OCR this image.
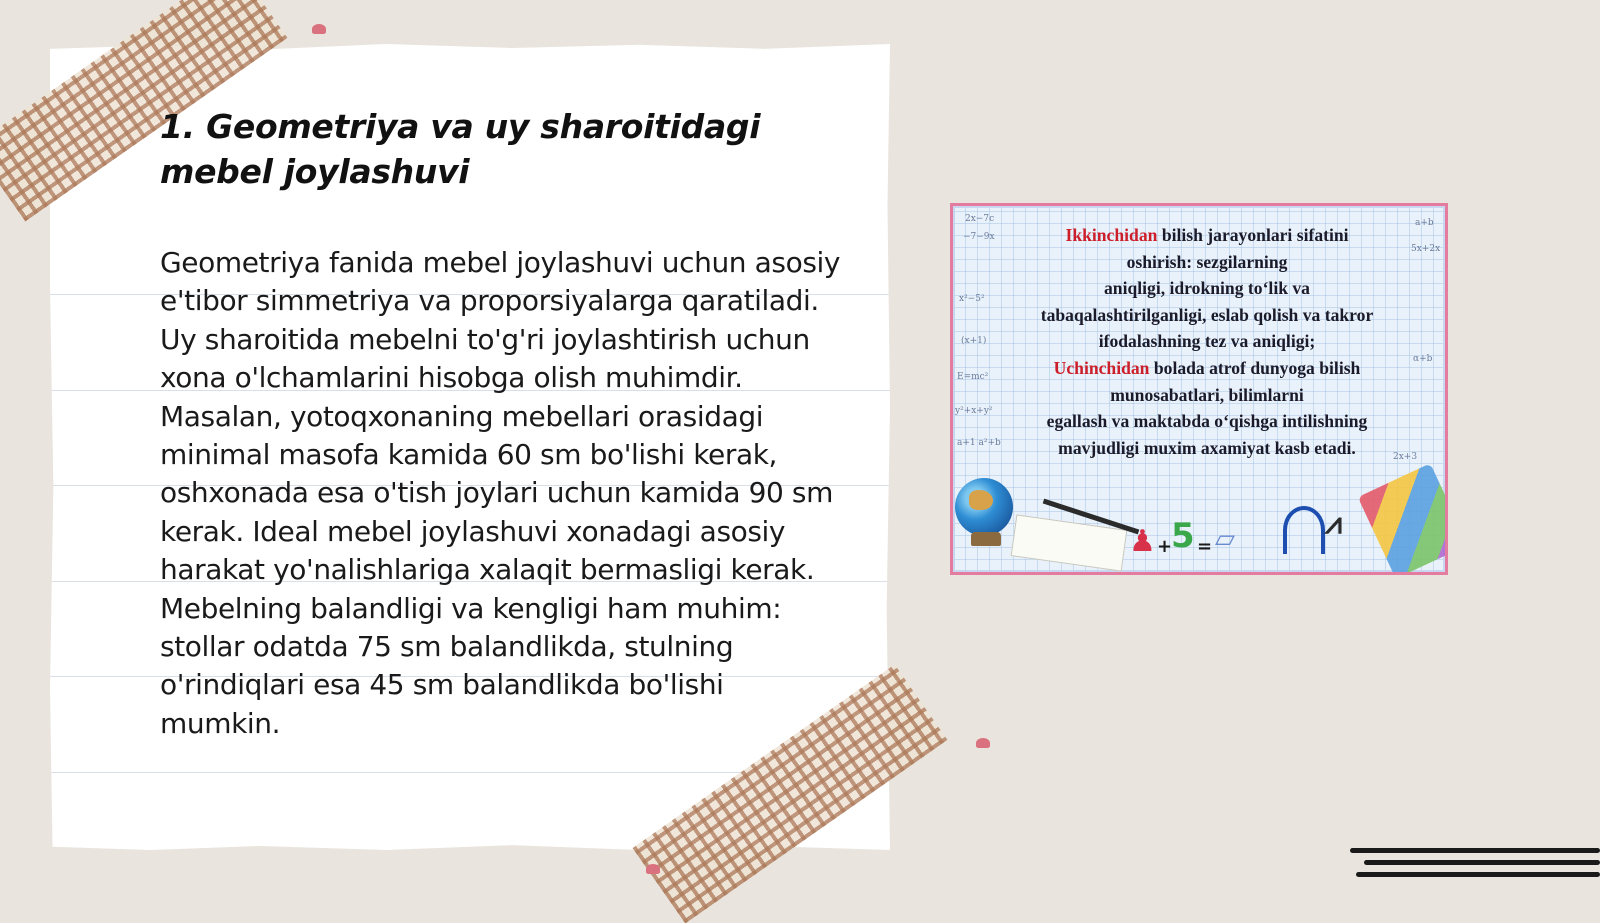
1. Geometriya va uy sharoitidagi mebel joylashuvi

Geometriya fanida mebel joylashuvi uchun asosiy e'tibor simmetriya va proporsiyalarga qaratiladi. Uy sharoitida mebelni to'g'ri joylashtirish uchun xona o'lchamlarini hisobga olish muhimdir. Masalan, yotoqxonaning mebellari orasidagi minimal masofa kamida 60 sm bo'lishi kerak, oshxonada esa o'tish joylari uchun kamida 90 sm kerak. Ideal mebel joylashuvi xonadagi asosiy harakat yo'nalishlariga xalaqit bermasligi kerak. Mebelning balandligi va kengligi ham muhim: stollar odatda 75 sm balandlikda, stulning o'rindiqlari esa 45 sm balandlikda bo'lishi mumkin.

2x−7c
−7−9x
x²−5²
(x+1)
E=mc²
y²+x+y²
a+1 a²+b
a+b
5x+2x
α+b
2x+3

Ikkinchidan bilish jarayonlari sifatini

oshirish: sezgilarning

aniqligi, idrokning to‘lik va

tabaqalashtirilganligi, eslab qolish va takror

ifodalashning tez va aniqligi;

Uchinchidan bolada atrof dunyoga bilish

munosabatlari, bilimlarni

egallash va maktabda o‘qishga intilishning

mavjudligi muxim axamiyat kasb etadi.

♟ +
5 = ▱	⩘
